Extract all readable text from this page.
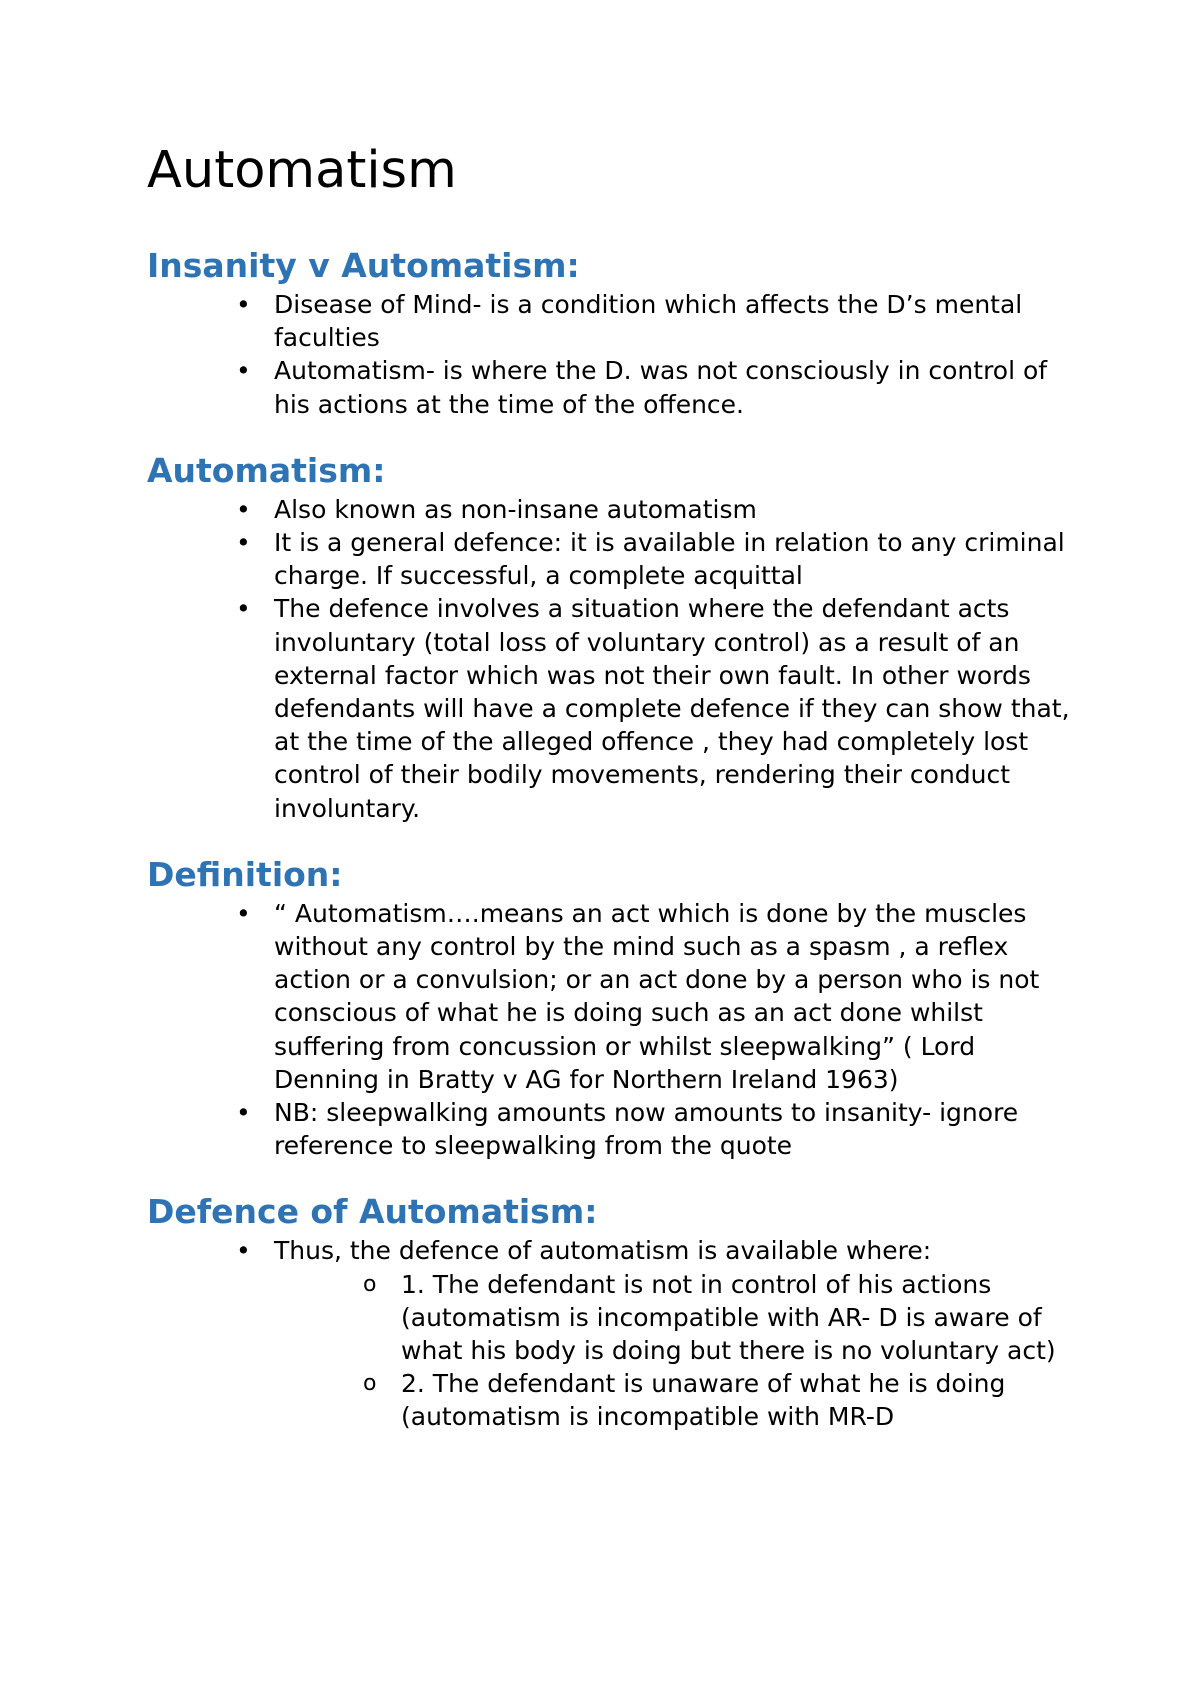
Automatism
Insanity v Automatism:
• Disease of Mind- is a condition which affects the D’s mental faculties
• Automatism- is where the D. was not consciously in control of his actions at the time of the offence.
Automatism:
• Also known as non-insane automatism
• It is a general defence: it is available in relation to any criminal charge. If successful, a complete acquittal
• The defence involves a situation where the defendant acts involuntary (total loss of voluntary control) as a result of an external factor which was not their own fault. In other words defendants will have a complete defence if they can show that, at the time of the alleged offence , they had completely lost control of their bodily movements, rendering their conduct involuntary.
Definition:
• “ Automatism….means an act which is done by the muscles without any control by the mind such as a spasm , a reflex action or a convulsion; or an act done by a person who is not conscious of what he is doing such as an act done whilst suffering from concussion or whilst sleepwalking” ( Lord Denning in Bratty v AG for Northern Ireland 1963)
• NB: sleepwalking amounts now amounts to insanity- ignore reference to sleepwalking from the quote
Defence of Automatism:
• Thus, the defence of automatism is available where:
o 1. The defendant is not in control of his actions (automatism is incompatible with AR- D is aware of what his body is doing but there is no voluntary act)
o 2. The defendant is unaware of what he is doing (automatism is incompatible with MR-D
